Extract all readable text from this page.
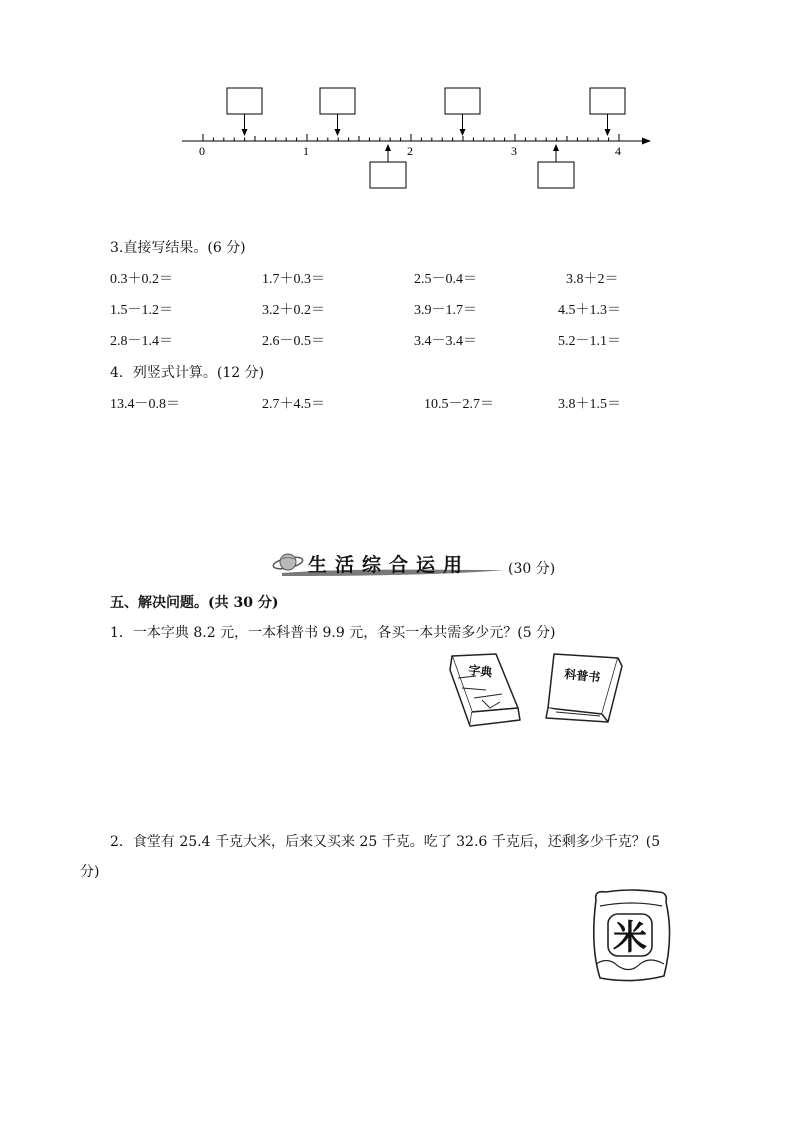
0	1	2	3	4
3.直接写结果。(6 分)
0.3＋0.2＝	1.7＋0.3＝	2.5－0.4＝	3.8＋2＝
1.5－1.2＝	3.2＋0.2＝	3.9－1.7＝	4.5＋1.3＝
2.8－1.4＝	2.6－0.5＝	3.4－3.4＝	5.2－1.1＝
4．列竖式计算。(12 分)
13.4－0.8＝	2.7＋4.5＝	10.5－2.7＝	3.8＋1.5＝
生活综合运用	(30 分)
五、解决问题。(共 30 分)
1．一本字典 8.2 元，一本科普书 9.9 元，各买一本共需多少元？(5 分)
字典	科普书
2．食堂有 25.4 千克大米，后来又买来 25 千克。吃了 32.6 千克后，还剩多少千克？(5
分)
米
